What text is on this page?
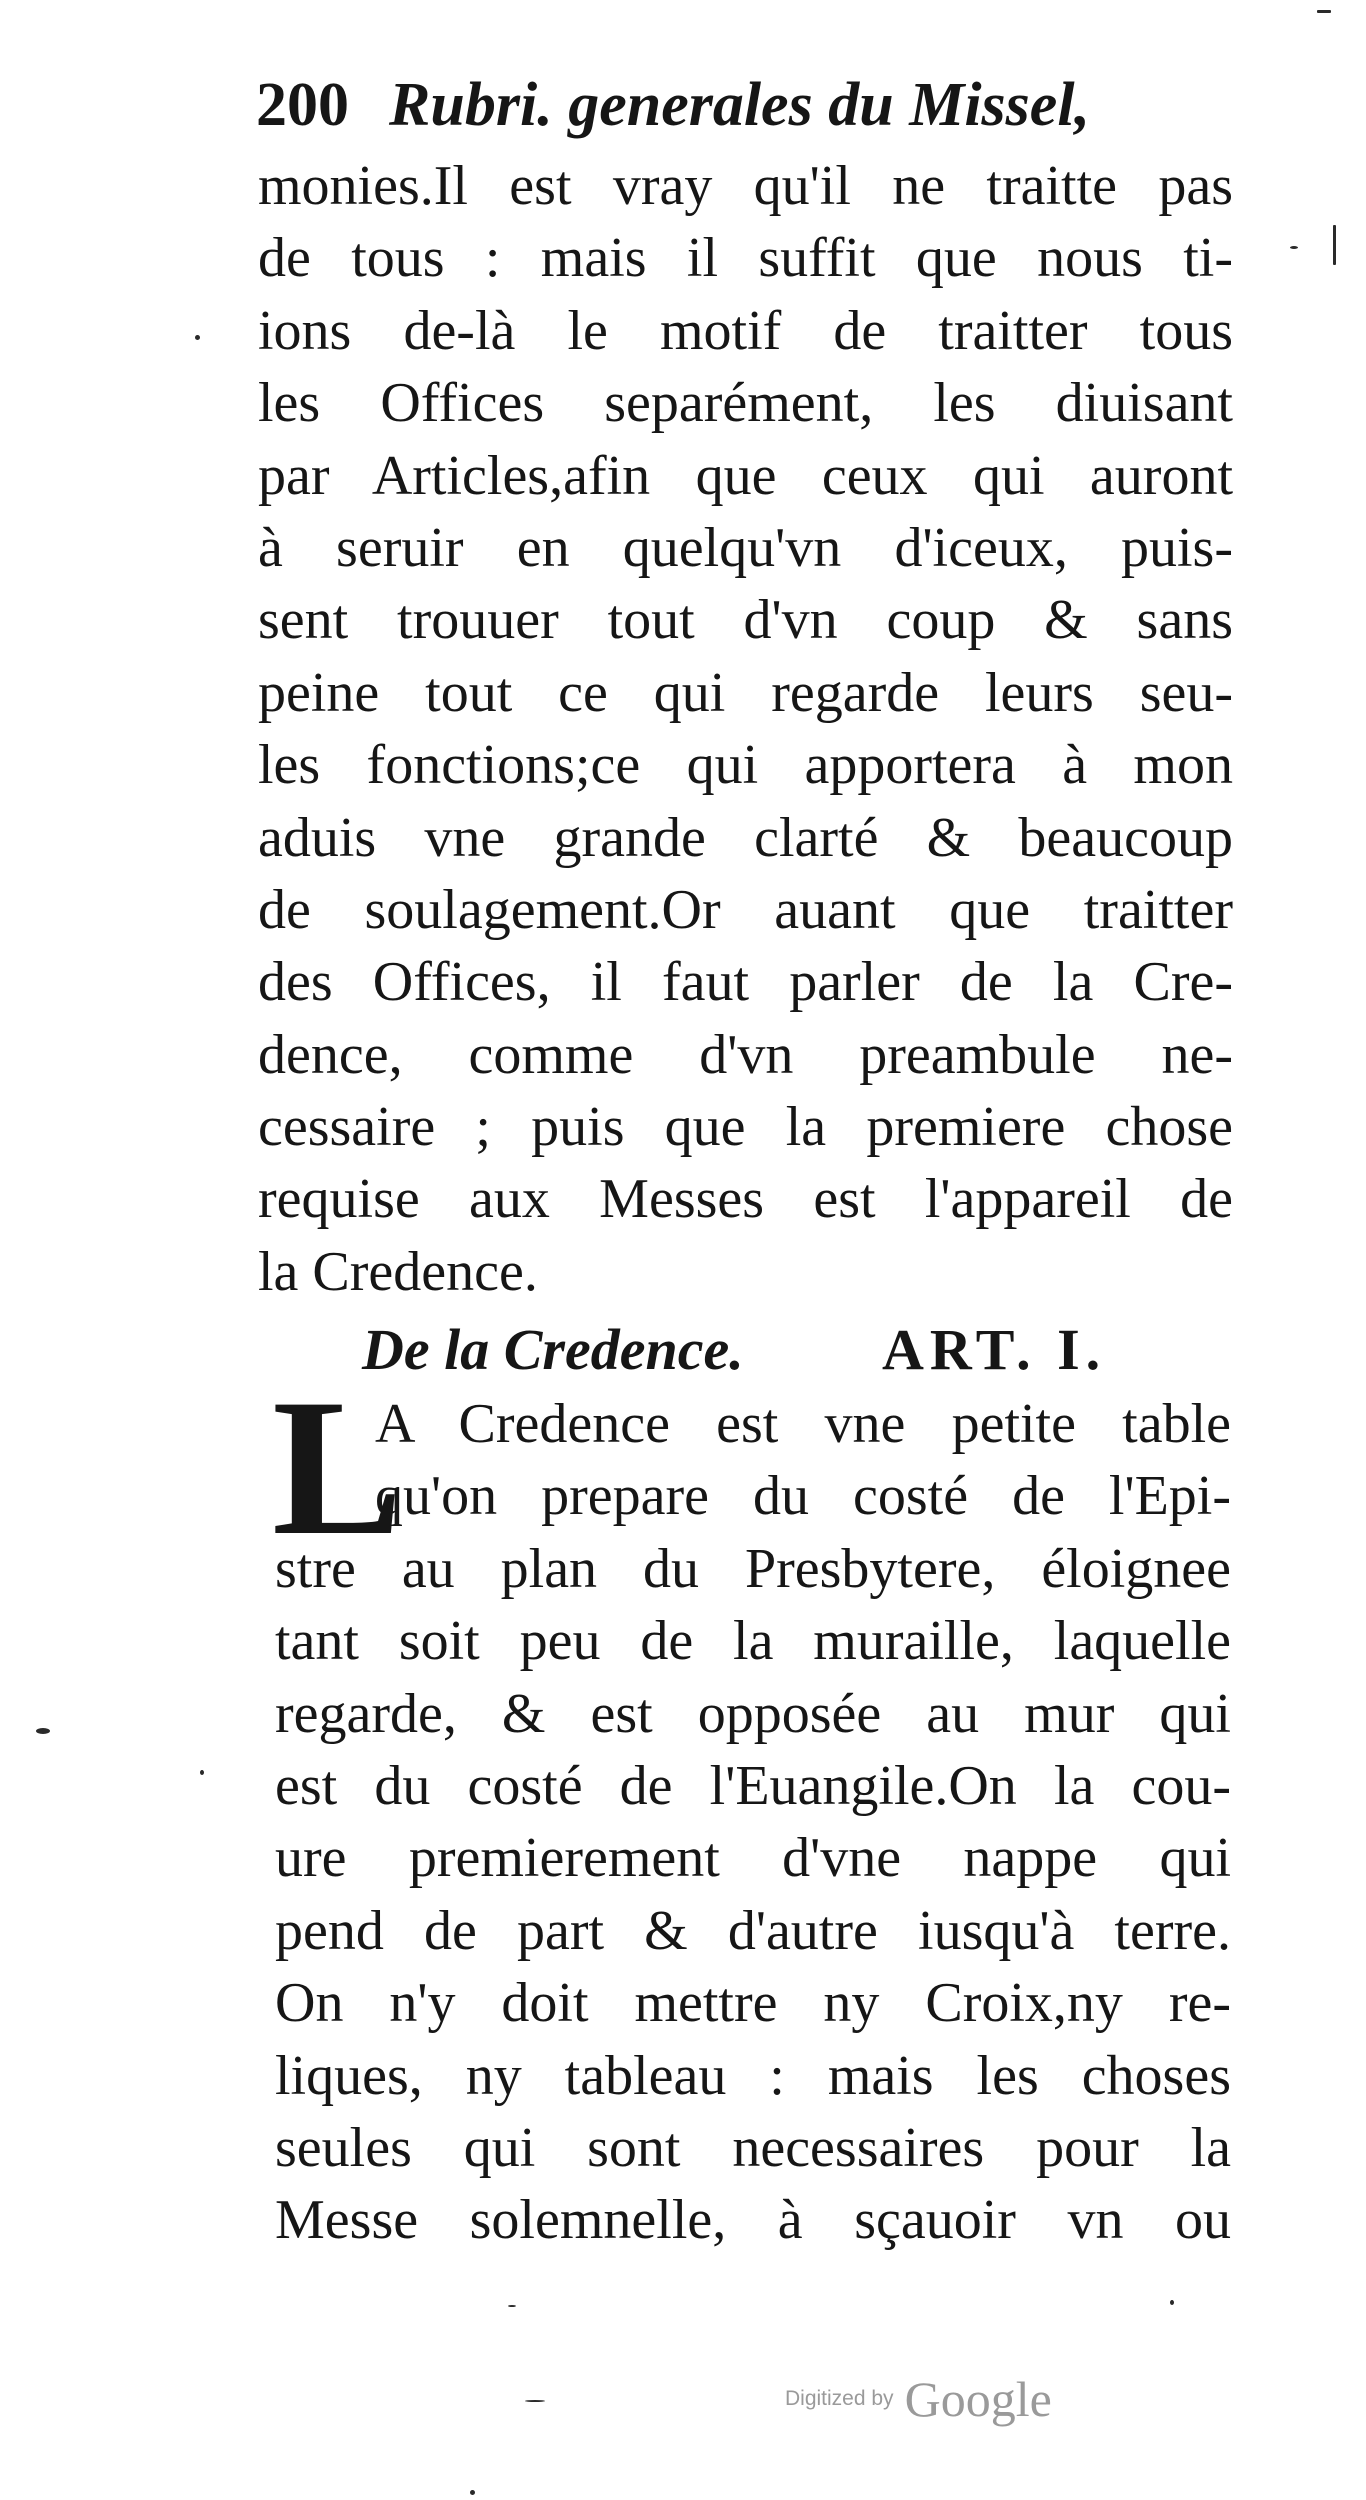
200 Rubri. generales du Missel,
monies.Il est vray qu'il ne traitte pas
de tous : mais il suffit que nous ti-
ions de-là le motif de traitter tous
les Offices separément, les diuisant
par Articles,afin que ceux qui auront
à seruir en quelqu'vn d'iceux, puis-
sent trouuer tout d'vn coup & sans
peine tout ce qui regarde leurs seu-
les fonctions;ce qui apportera à mon
aduis vne grande clarté & beaucoup
de soulagement.Or auant que traitter
des Offices, il faut parler de la Cre-
dence, comme d'vn preambule ne-
cessaire ; puis que la premiere chose
requise aux Messes est l'appareil de
la Credence.
De la Credence. ART. I.
L
A Credence est vne petite table
qu'on prepare du costé de l'Epi-
stre au plan du Presbytere, éloignee
tant soit peu de la muraille, laquelle
regarde, & est opposée au mur qui
est du costé de l'Euangile.On la cou-
ure premierement d'vne nappe qui
pend de part & d'autre iusqu'à terre.
On n'y doit mettre ny Croix,ny re-
liques, ny tableau : mais les choses
seules qui sont necessaires pour la
Messe solemnelle, à sçauoir vn ou
Digitized by Google
